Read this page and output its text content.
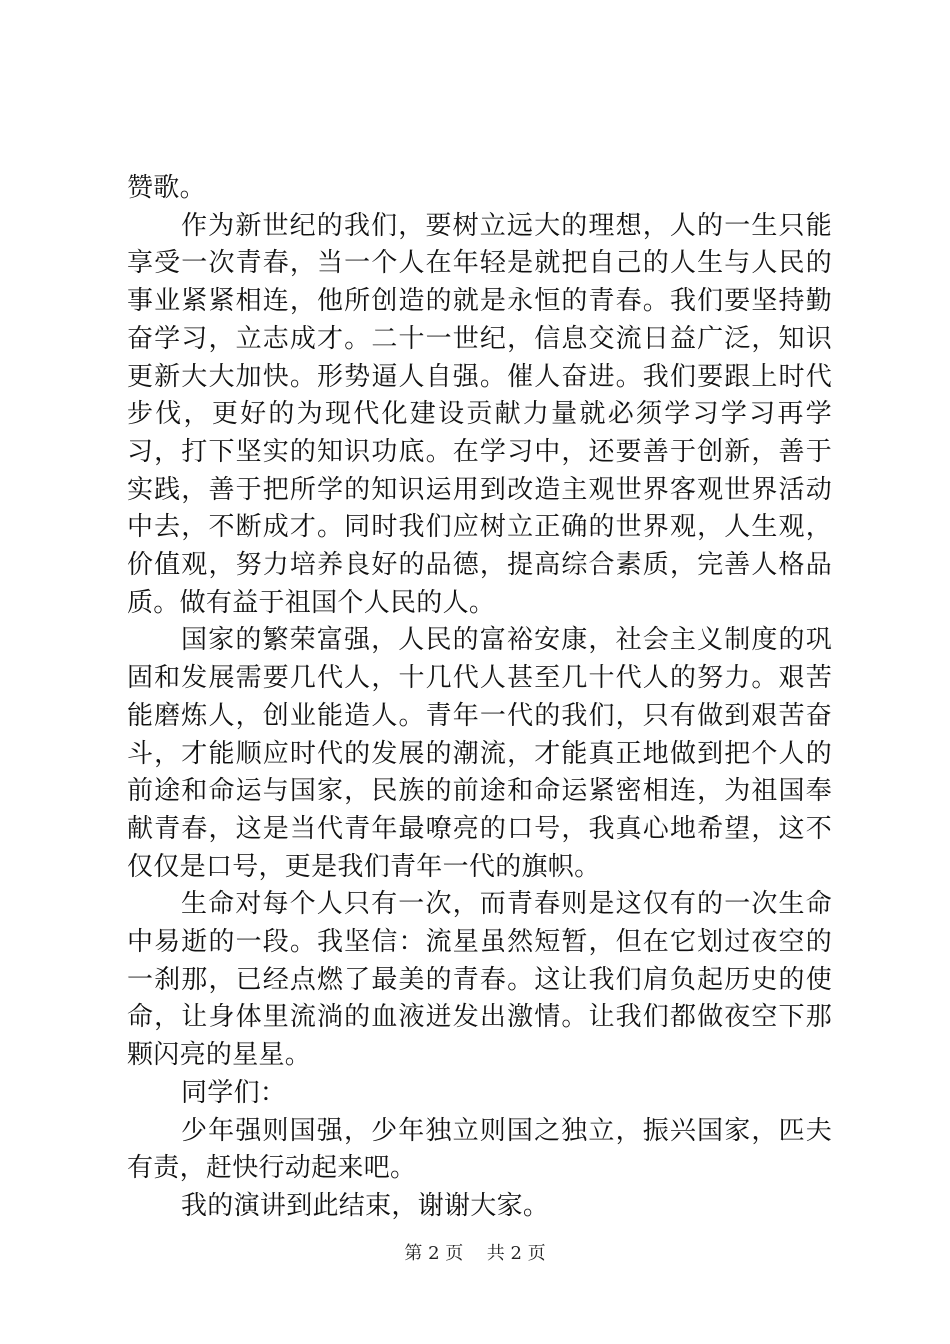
赞歌。

作为新世纪的我们，要树立远大的理想，人的一生只能享受一次青春，当一个人在年轻是就把自己的人生与人民的事业紧紧相连，他所创造的就是永恒的青春。我们要坚持勤奋学习，立志成才。二十一世纪，信息交流日益广泛，知识更新大大加快。形势逼人自强。催人奋进。我们要跟上时代步伐，更好的为现代化建设贡献力量就必须学习学习再学习，打下坚实的知识功底。在学习中，还要善于创新，善于实践，善于把所学的知识运用到改造主观世界客观世界活动中去，不断成才。同时我们应树立正确的世界观，人生观，价值观，努力培养良好的品德，提高综合素质，完善人格品质。做有益于祖国个人民的人。

国家的繁荣富强，人民的富裕安康，社会主义制度的巩固和发展需要几代人，十几代人甚至几十代人的努力。艰苦能磨炼人，创业能造人。青年一代的我们，只有做到艰苦奋斗，才能顺应时代的发展的潮流，才能真正地做到把个人的前途和命运与国家，民族的前途和命运紧密相连，为祖国奉献青春，这是当代青年最嘹亮的口号，我真心地希望，这不仅仅是口号，更是我们青年一代的旗帜。

生命对每个人只有一次，而青春则是这仅有的一次生命中易逝的一段。我坚信：流星虽然短暂，但在它划过夜空的一刹那，已经点燃了最美的青春。这让我们肩负起历史的使命，让身体里流淌的血液迸发出激情。让我们都做夜空下那颗闪亮的星星。

同学们：

少年强则国强，少年独立则国之独立，振兴国家，匹夫有责，赶快行动起来吧。

我的演讲到此结束，谢谢大家。

第 2 页 共 2 页
